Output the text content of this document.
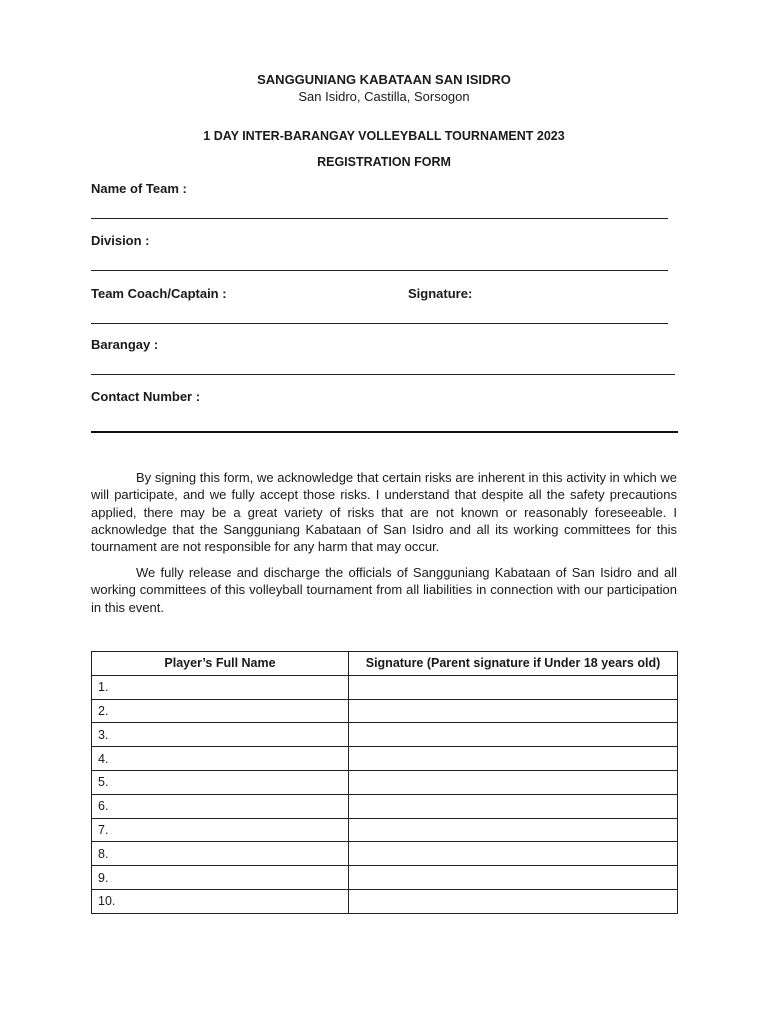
SANGGUNIANG KABATAAN SAN ISIDRO
San Isidro, Castilla, Sorsogon
1 DAY INTER-BARANGAY VOLLEYBALL TOURNAMENT 2023
REGISTRATION FORM
Name of Team :
Division :
Team Coach/Captain :	Signature:
Barangay :
Contact Number :

By signing this form, we acknowledge that certain risks are inherent in this activity in which we will participate, and we fully accept those risks. I understand that despite all the safety precautions applied, there may be a great variety of risks that are not known or reasonably foreseeable. I acknowledge that the Sangguniang Kabataan of San Isidro and all its working committees for this tournament are not responsible for any harm that may occur.

We fully release and discharge the officials of Sangguniang Kabataan of San Isidro and all working committees of this volleyball tournament from all liabilities in connection with our participation in this event.

Player’s Full Name	Signature (Parent signature if Under 18 years old)
1.	
2.	
3.	
4.	
5.	
6.	
7.	
8.	
9.	
10.	
